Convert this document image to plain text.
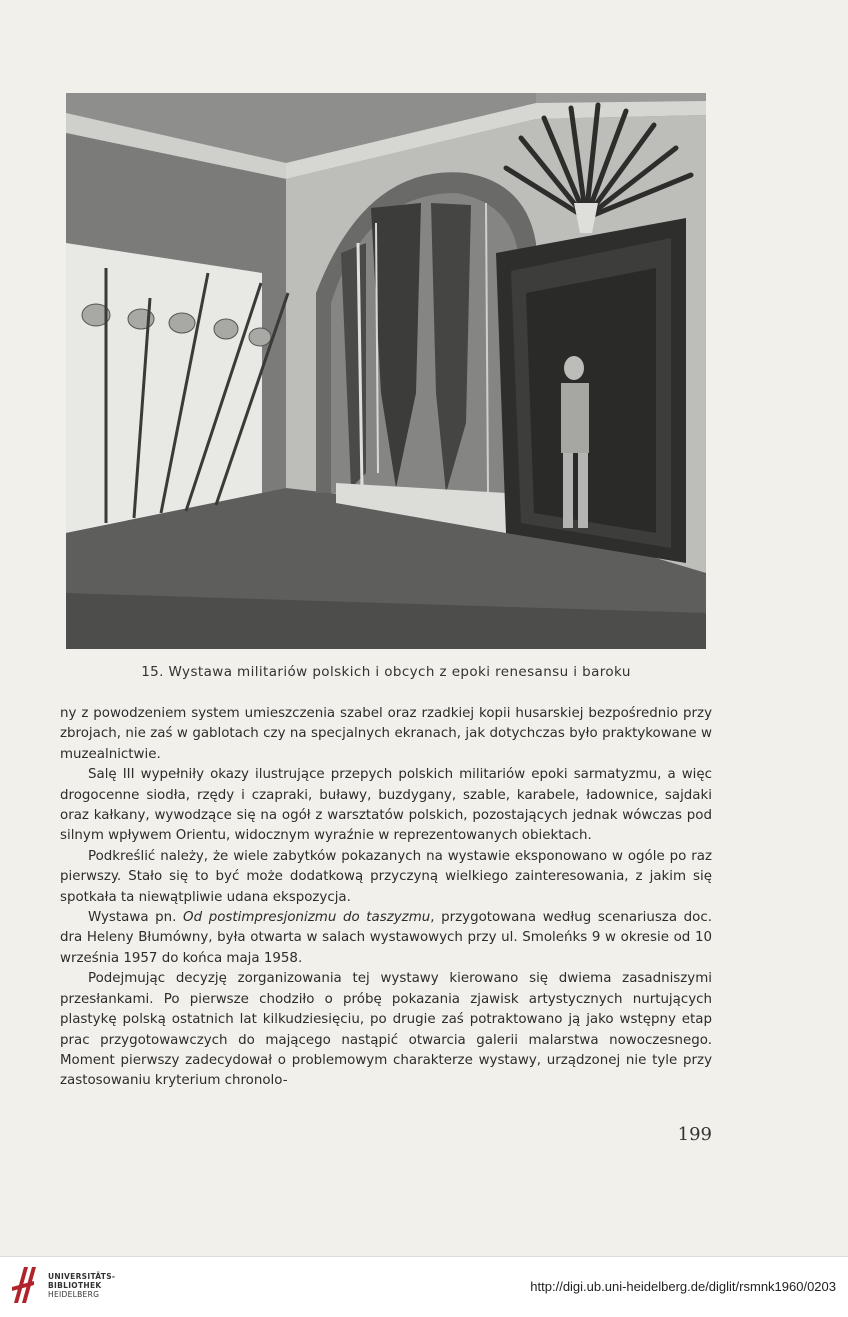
15. Wystawa militariów polskich i obcych z epoki renesansu i baroku

ny z powodzeniem system umieszczenia szabel oraz rzadkiej kopii husarskiej bezpośrednio przy zbrojach, nie zaś w gablotach czy na specjalnych ekranach, jak dotychczas było praktykowane w muzealnictwie.

Salę III wypełniły okazy ilustrujące przepych polskich militariów epoki sarmatyzmu, a więc drogocenne siodła, rzędy i czapraki, buławy, buzdygany, szable, karabele, ładownice, sajdaki oraz kałkany, wywodzące się na ogół z warsztatów polskich, pozostających jednak wówczas pod silnym wpływem Orientu, widocznym wyraźnie w reprezentowanych obiektach.

Podkreślić należy, że wiele zabytków pokazanych na wystawie eksponowano w ogóle po raz pierwszy. Stało się to być może dodatkową przyczyną wielkiego zainteresowania, z jakim się spotkała ta niewątpliwie udana ekspozycja.

Wystawa pn. Od postimpresjonizmu do taszyzmu, przygotowana według scenariusza doc. dra Heleny Błumówny, była otwarta w salach wystawowych przy ul. Smoleńks 9 w okresie od 10 września 1957 do końca maja 1958.

Podejmując decyzję zorganizowania tej wystawy kierowano się dwiema zasadniszymi przesłankami. Po pierwsze chodziło o próbę pokazania zjawisk artystycznych nurtujących plastykę polską ostatnich lat kilkudziesięciu, po drugie zaś potraktowano ją jako wstępny etap prac przygotowawczych do mającego nastąpić otwarcia galerii malarstwa nowoczesnego. Moment pierwszy zadecydował o problemowym charakterze wystawy, urządzonej nie tyle przy zastosowaniu kryterium chronolo-

199
UNIVERSITÄTS-
BIBLIOTHEK
HEIDELBERG
http://digi.ub.uni-heidelberg.de/diglit/rsmnk1960/0203
